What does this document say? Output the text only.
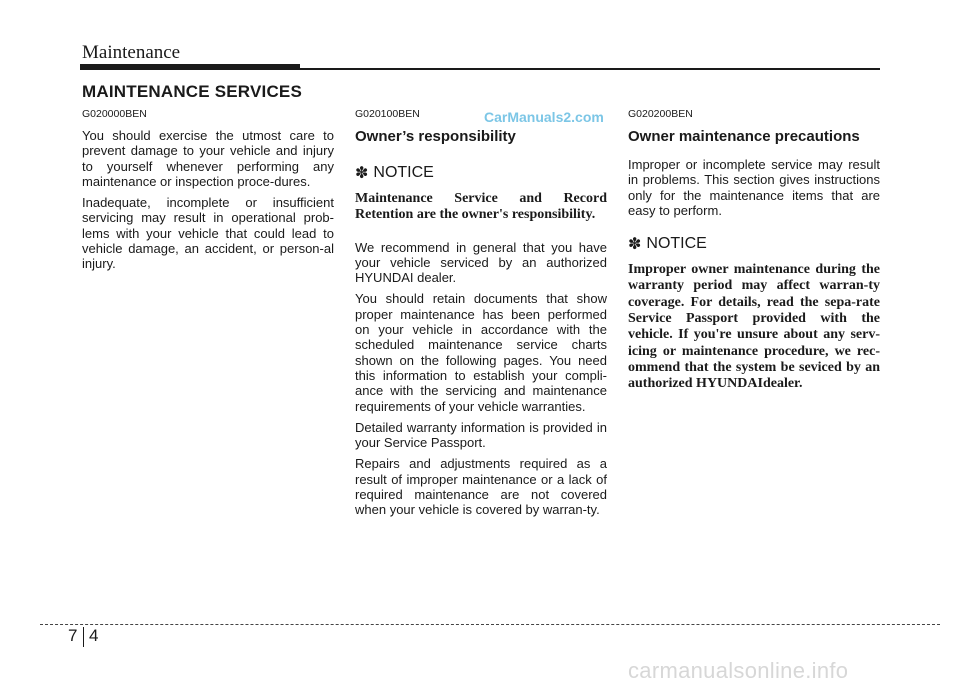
Maintenance
MAINTENANCE SERVICES
G020000BEN

You should exercise the utmost care to prevent damage to your vehicle and injury to yourself whenever performing any maintenance or inspection proce-dures.

Inadequate, incomplete or insufficient servicing may result in operational prob-lems with your vehicle that could lead to vehicle damage, an accident, or person-al injury.

G020100BEN
Owner’s responsibility
✽ NOTICE

Maintenance Service and Record Retention are the owner's responsibility.

We recommend in general that you have your vehicle serviced by an authorized HYUNDAI dealer.

You should retain documents that show proper maintenance has been performed on your vehicle in accordance with the scheduled maintenance service charts shown on the following pages. You need this information to establish your compli-ance with the servicing and maintenance requirements of your vehicle warranties.

Detailed warranty information is provided in your Service Passport.

Repairs and adjustments required as a result of improper maintenance or a lack of required maintenance are not covered when your vehicle is covered by warran-ty.

G020200BEN
Owner maintenance precautions

Improper or incomplete service may result in problems. This section gives instructions only for the maintenance items that are easy to perform.

✽ NOTICE

Improper owner maintenance during the warranty period may affect warran-ty coverage. For details, read the sepa-rate Service Passport provided with the vehicle. If you're unsure about any serv-icing or maintenance procedure, we rec-ommend that the system be seviced by an authorized HYUNDAIdealer.

CarManuals2.com
7 4
carmanualsonline.info
